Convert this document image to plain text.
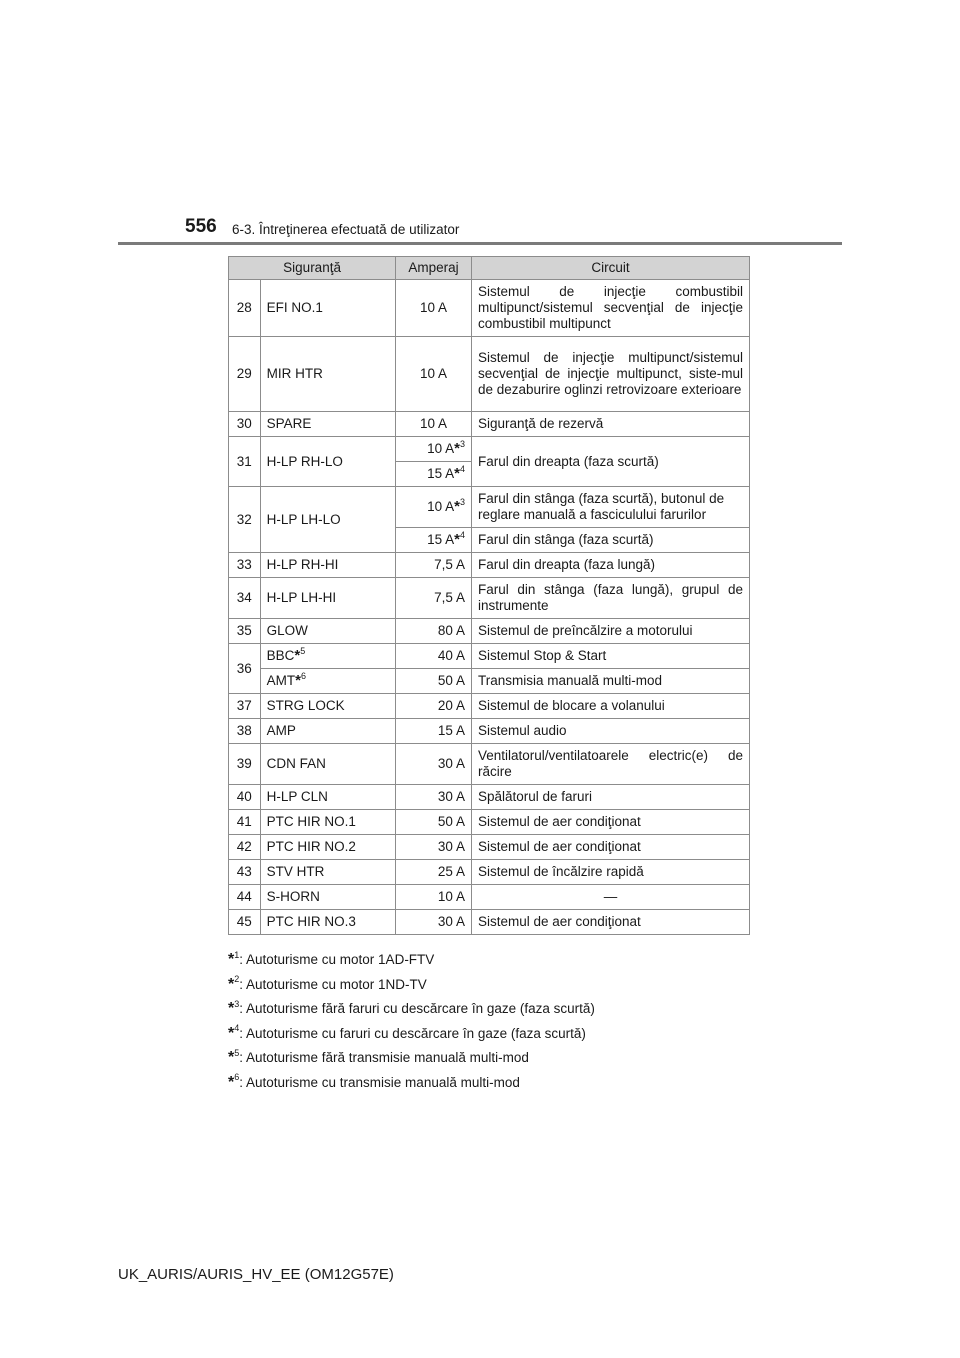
556 6-3. Întreţinerea efectuată de utilizator
Siguranţă		Amperaj	Circuit
28	EFI NO.1	10 A	Sistemul de injecţie combustibil multipunct/sistemul secvenţial de injecţie combustibil multipunct
29	MIR HTR	10 A	Sistemul de injecţie multipunct/sistemul secvenţial de injecţie multipunct, siste-mul de dezaburire oglinzi retrovizoare exterioare
30	SPARE	10 A	Siguranţă de rezervă
31	H-LP RH-LO	10 A*$^3$	Farul din dreapta (faza scurtă)
		15 A*$^4$
32	H-LP LH-LO	10 A*$^3$	Farul din stânga (faza scurtă), butonul de reglare manuală a fasciculului farurilor
		15 A*$^4$	Farul din stânga (faza scurtă)
33	H-LP RH-HI	7,5 A	Farul din dreapta (faza lungă)
34	H-LP LH-HI	7,5 A	Farul din stânga (faza lungă), grupul de instrumente
35	GLOW	80 A	Sistemul de preîncălzire a motorului
36	BBC*$^5$	40 A	Sistemul Stop & Start
	AMT*$^6$	50 A	Transmisia manuală multi-mod
37	STRG LOCK	20 A	Sistemul de blocare a volanului
38	AMP	15 A	Sistemul audio
39	CDN FAN	30 A	Ventilatorul/ventilatoarele electric(e) de răcire
40	H-LP CLN	30 A	Spălătorul de faruri
41	PTC HIR NO.1	50 A	Sistemul de aer condiţionat
42	PTC HIR NO.2	30 A	Sistemul de aer condiţionat
43	STV HTR	25 A	Sistemul de încălzire rapidă
44	S-HORN	10 A	—
45	PTC HIR NO.3	30 A	Sistemul de aer condiţionat
*$^1$: Autoturisme cu motor 1AD-FTV
*$^2$: Autoturisme cu motor 1ND-TV
*$^3$: Autoturisme fără faruri cu descărcare în gaze (faza scurtă)
*$^4$: Autoturisme cu faruri cu descărcare în gaze (faza scurtă)
*$^5$: Autoturisme fără transmisie manuală multi-mod
*$^6$: Autoturisme cu transmisie manuală multi-mod
UK_AURIS/AURIS_HV_EE (OM12G57E)
